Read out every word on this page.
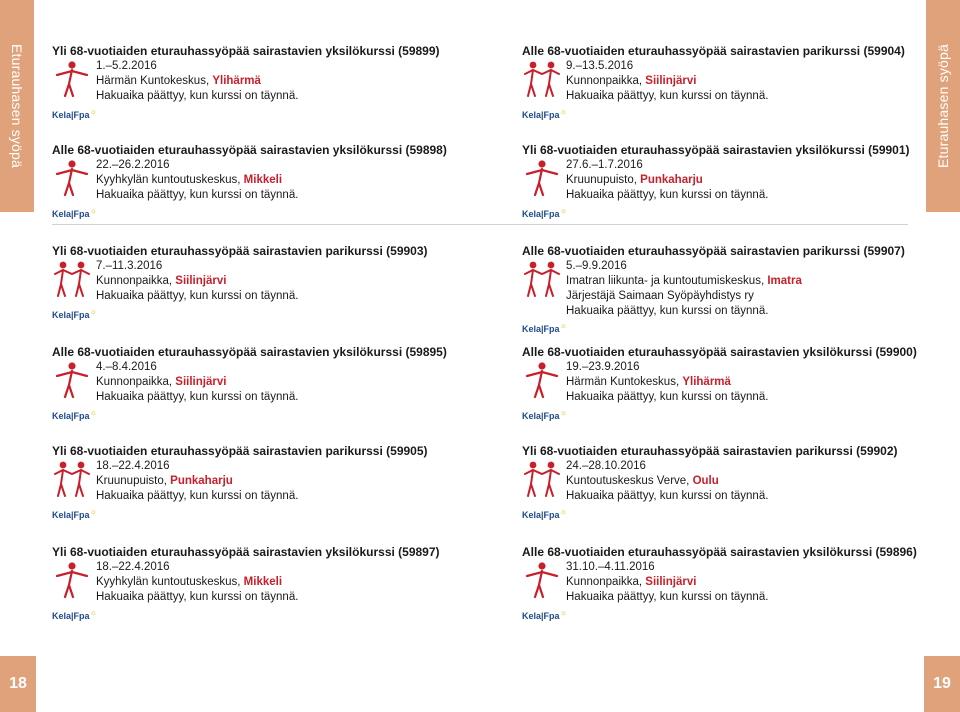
Eturauhasen syöpä	Eturauhasen syöpä
Yli 68-vuotiaiden eturauhassyöpää sairastavien yksilökurssi (59899)
1.–5.2.2016
Härmän Kuntokeskus, Ylihärmä
Hakuaika päättyy, kun kurssi on täynnä.
Kela|Fpa☼
Alle 68-vuotiaiden eturauhassyöpää sairastavien yksilökurssi (59898)
22.–26.2.2016
Kyyhkylän kuntoutuskeskus, Mikkeli
Hakuaika päättyy, kun kurssi on täynnä.
Kela|Fpa☼
Yli 68-vuotiaiden eturauhassyöpää sairastavien parikurssi (59903)
7.–11.3.2016
Kunnonpaikka, Siilinjärvi
Hakuaika päättyy, kun kurssi on täynnä.
Kela|Fpa☼
Alle 68-vuotiaiden eturauhassyöpää sairastavien yksilökurssi (59895)
4.–8.4.2016
Kunnonpaikka, Siilinjärvi
Hakuaika päättyy, kun kurssi on täynnä.
Kela|Fpa☼
Yli 68-vuotiaiden eturauhassyöpää sairastavien parikurssi (59905)
18.–22.4.2016
Kruunupuisto, Punkaharju
Hakuaika päättyy, kun kurssi on täynnä.
Kela|Fpa☼
Yli 68-vuotiaiden eturauhassyöpää sairastavien yksilökurssi (59897)
18.–22.4.2016
Kyyhkylän kuntoutuskeskus, Mikkeli
Hakuaika päättyy, kun kurssi on täynnä.
Kela|Fpa☼
Alle 68-vuotiaiden eturauhassyöpää sairastavien parikurssi (59904)
9.–13.5.2016
Kunnonpaikka, Siilinjärvi
Hakuaika päättyy, kun kurssi on täynnä.
Kela|Fpa☼
Yli 68-vuotiaiden eturauhassyöpää sairastavien yksilökurssi (59901)
27.6.–1.7.2016
Kruunupuisto, Punkaharju
Hakuaika päättyy, kun kurssi on täynnä.
Kela|Fpa☼
Alle 68-vuotiaiden eturauhassyöpää sairastavien parikurssi (59907)
5.–9.9.2016
Imatran liikunta- ja kuntoutumiskeskus, Imatra
Järjestäjä Saimaan Syöpäyhdistys ry
Hakuaika päättyy, kun kurssi on täynnä.
Kela|Fpa☼
Alle 68-vuotiaiden eturauhassyöpää sairastavien yksilökurssi (59900)
19.–23.9.2016
Härmän Kuntokeskus, Ylihärmä
Hakuaika päättyy, kun kurssi on täynnä.
Kela|Fpa☼
Yli 68-vuotiaiden eturauhassyöpää sairastavien parikurssi (59902)
24.–28.10.2016
Kuntoutuskeskus Verve, Oulu
Hakuaika päättyy, kun kurssi on täynnä.
Kela|Fpa☼
Alle 68-vuotiaiden eturauhassyöpää sairastavien yksilökurssi (59896)
31.10.–4.11.2016
Kunnonpaikka, Siilinjärvi
Hakuaika päättyy, kun kurssi on täynnä.
Kela|Fpa☼
18	19
